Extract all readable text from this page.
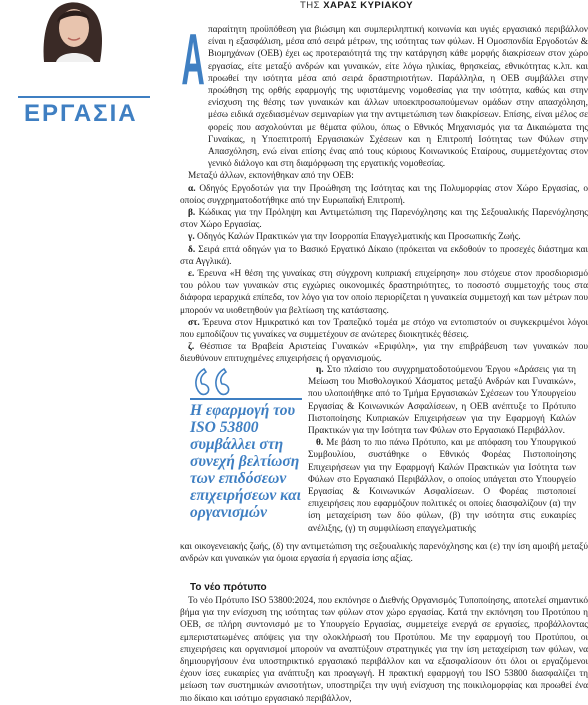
ΤΗΣ ΧΑΡΑΣ ΚΥΡΙΑΚΟΥ
ΕΡΓΑΣΙΑ
A παραίτητη προϋπόθεση για βιώσιμη και συμπεριληπτική κοινωνία και υγιές εργασιακό περιβάλλον είναι η εξασφάλιση, μέσα από σειρά μέτρων, της ισότητας των φύλων. Η Ομοσπονδία Εργοδοτών & Βιομηχάνων (ΟΕΒ) έχει ως προτεραιότητά της την κατάργηση κάθε μορφής διακρίσεων στον χώρο εργασίας, είτε μεταξύ ανδρών και γυναικών, είτε λόγω ηλικίας, θρησκείας, εθνικότητας κ.λπ. και προωθεί την ισότητα μέσα από σειρά δραστηριοτήτων. Παράλληλα, η ΟΕΒ συμβάλλει στην προώθηση της ορθής εφαρμογής της υφιστάμενης νομοθεσίας για την ισότητα, καθώς και στην ενίσχυση της θέσης των γυναικών και άλλων υποεκπροσωπούμενων ομάδων στην απασχόληση, μέσω ειδικά σχεδιασμένων σεμιναρίων για την αντιμετώπιση των διακρίσεων. Επίσης, είναι μέλος σε φορείς που ασχολούνται με θέματα φύλου, όπως ο Εθνικός Μηχανισμός για τα Δικαιώματα της Γυναίκας, η Υποεπιτροπή Εργασιακών Σχέσεων και η Επιτροπή Ισότητας των Φύλων στην Απασχόληση, ενώ είναι επίσης ένας από τους κύριους Κοινωνικούς Εταίρους, συμμετέχοντας στον γενικό διάλογο και στη διαμόρφωση της εργατικής νομοθεσίας.

Μεταξύ άλλων, εκπονήθηκαν από την ΟΕΒ:

α. Οδηγός Εργοδοτών για την Προώθηση της Ισότητας και της Πολυμορφίας στον Χώρο Εργασίας, ο οποίος συγχρηματοδοτήθηκε από την Ευρωπαϊκή Επιτροπή.

β. Κώδικας για την Πρόληψη και Αντιμετώπιση της Παρενόχλησης και της Σεξουαλικής Παρενόχλησης στον Χώρο Εργασίας.

γ. Οδηγός Καλών Πρακτικών για την Ισορροπία Επαγγελματικής και Προσωπικής Ζωής.

δ. Σειρά επτά οδηγών για το Βασικό Εργατικό Δίκαιο (πρόκειται να εκδοθούν το προσεχές διάστημα και στα Αγγλικά).

ε. Έρευνα «Η θέση της γυναίκας στη σύγχρονη κυπριακή επιχείρηση» που στόχευε στον προσδιορισμό του ρόλου των γυναικών στις εγχώριες οικονομικές δραστηριότητες, το ποσοστό συμμετοχής τους στα διάφορα ιεραρχικά επίπεδα, τον λόγο για τον οποίο περιορίζεται η γυναικεία συμμετοχή και των μέτρων που μπορούν να υιοθετηθούν για βελτίωση της κατάστασης.

στ. Έρευνα στον Ημικρατικό και τον Τραπεζικό τομέα με στόχο να εντοπιστούν οι συγκεκριμένοι λόγοι που εμποδίζουν τις γυναίκες να συμμετέχουν σε ανώτερες διοικητικές θέσεις.

ζ. Θέσπισε τα Βραβεία Αριστείας Γυναικών «Εριφύλη», για την επιβράβευση των γυναικών που διευθύνουν επιτυχημένες επιχειρήσεις ή οργανισμούς.

Η εφαρμογή του ISO 53800 συμβάλλει στη συνεχή βελτίωση των επιδόσεων επιχειρήσεων και οργανισμών

η. Στο πλαίσιο του συγχρηματοδοτούμενου Έργου «Δράσεις για τη Μείωση του Μισθολογικού Χάσματος μεταξύ Ανδρών και Γυναικών», που υλοποιήθηκε από το Τμήμα Εργασιακών Σχέσεων του Υπουργείου Εργασίας & Κοινωνικών Ασφαλίσεων, η ΟΕΒ ανέπτυξε το Πρότυπο Πιστοποίησης Κυπριακών Επιχειρήσεων για την Εφαρμογή Καλών Πρακτικών για την Ισότητα των Φύλων στο Εργασιακό Περιβάλλον.

θ. Με βάση το πιο πάνω Πρότυπο, και με απόφαση του Υπουργικού Συμβουλίου, συστάθηκε ο Εθνικός Φορέας Πιστοποίησης Επιχειρήσεων για την Εφαρμογή Καλών Πρακτικών για Ισότητα των Φύλων στο Εργασιακό Περιβάλλον, ο οποίος υπάγεται στο Υπουργείο Εργασίας & Κοινωνικών Ασφαλίσεων. Ο Φορέας πιστοποιεί επιχειρήσεις που εφαρμόζουν πολιτικές οι οποίες διασφαλίζουν (α) την ίση μεταχείριση των δύο φύλων, (β) την ισότητα στις ευκαιρίες ανέλιξης, (γ) τη συμφιλίωση επαγγελματικής

και οικογενειακής ζωής, (δ) την αντιμετώπιση της σεξουαλικής παρενόχλησης και (ε) την ίση αμοιβή μεταξύ ανδρών και γυναικών για όμοια εργασία ή εργασία ίσης αξίας.

Το νέο πρότυπο

Το νέο Πρότυπο ISO 53800:2024, που εκπόνησε ο Διεθνής Οργανισμός Τυποποίησης, αποτελεί σημαντικό βήμα για την ενίσχυση της ισότητας των φύλων στον χώρο εργασίας. Κατά την εκπόνηση του Προτύπου η ΟΕΒ, σε πλήρη συντονισμό με το Υπουργείο Εργασίας, συμμετείχε ενεργά σε εργασίες, προβάλλοντας εμπεριστατωμένες απόψεις για την ολοκλήρωσή του Προτύπου. Με την εφαρμογή του Προτύπου, οι επιχειρήσεις και οργανισμοί μπορούν να αναπτύξουν στρατηγικές για την ίση μεταχείριση των φύλων, να δημιουργήσουν ένα υποστηρικτικό εργασιακό περιβάλλον και να εξασφαλίσουν ότι όλοι οι εργαζόμενοι έχουν ίσες ευκαιρίες για ανάπτυξη και προαγωγή. Η πρακτική εφαρμογή του ISO 53800 διασφαλίζει τη μείωση των συστημικών ανισοτήτων, υποστηρίζει την υγιή ενίσχυση της ποικιλομορφίας και προωθεί ένα πιο δίκαιο και ισότιμο εργασιακό περιβάλλον,
